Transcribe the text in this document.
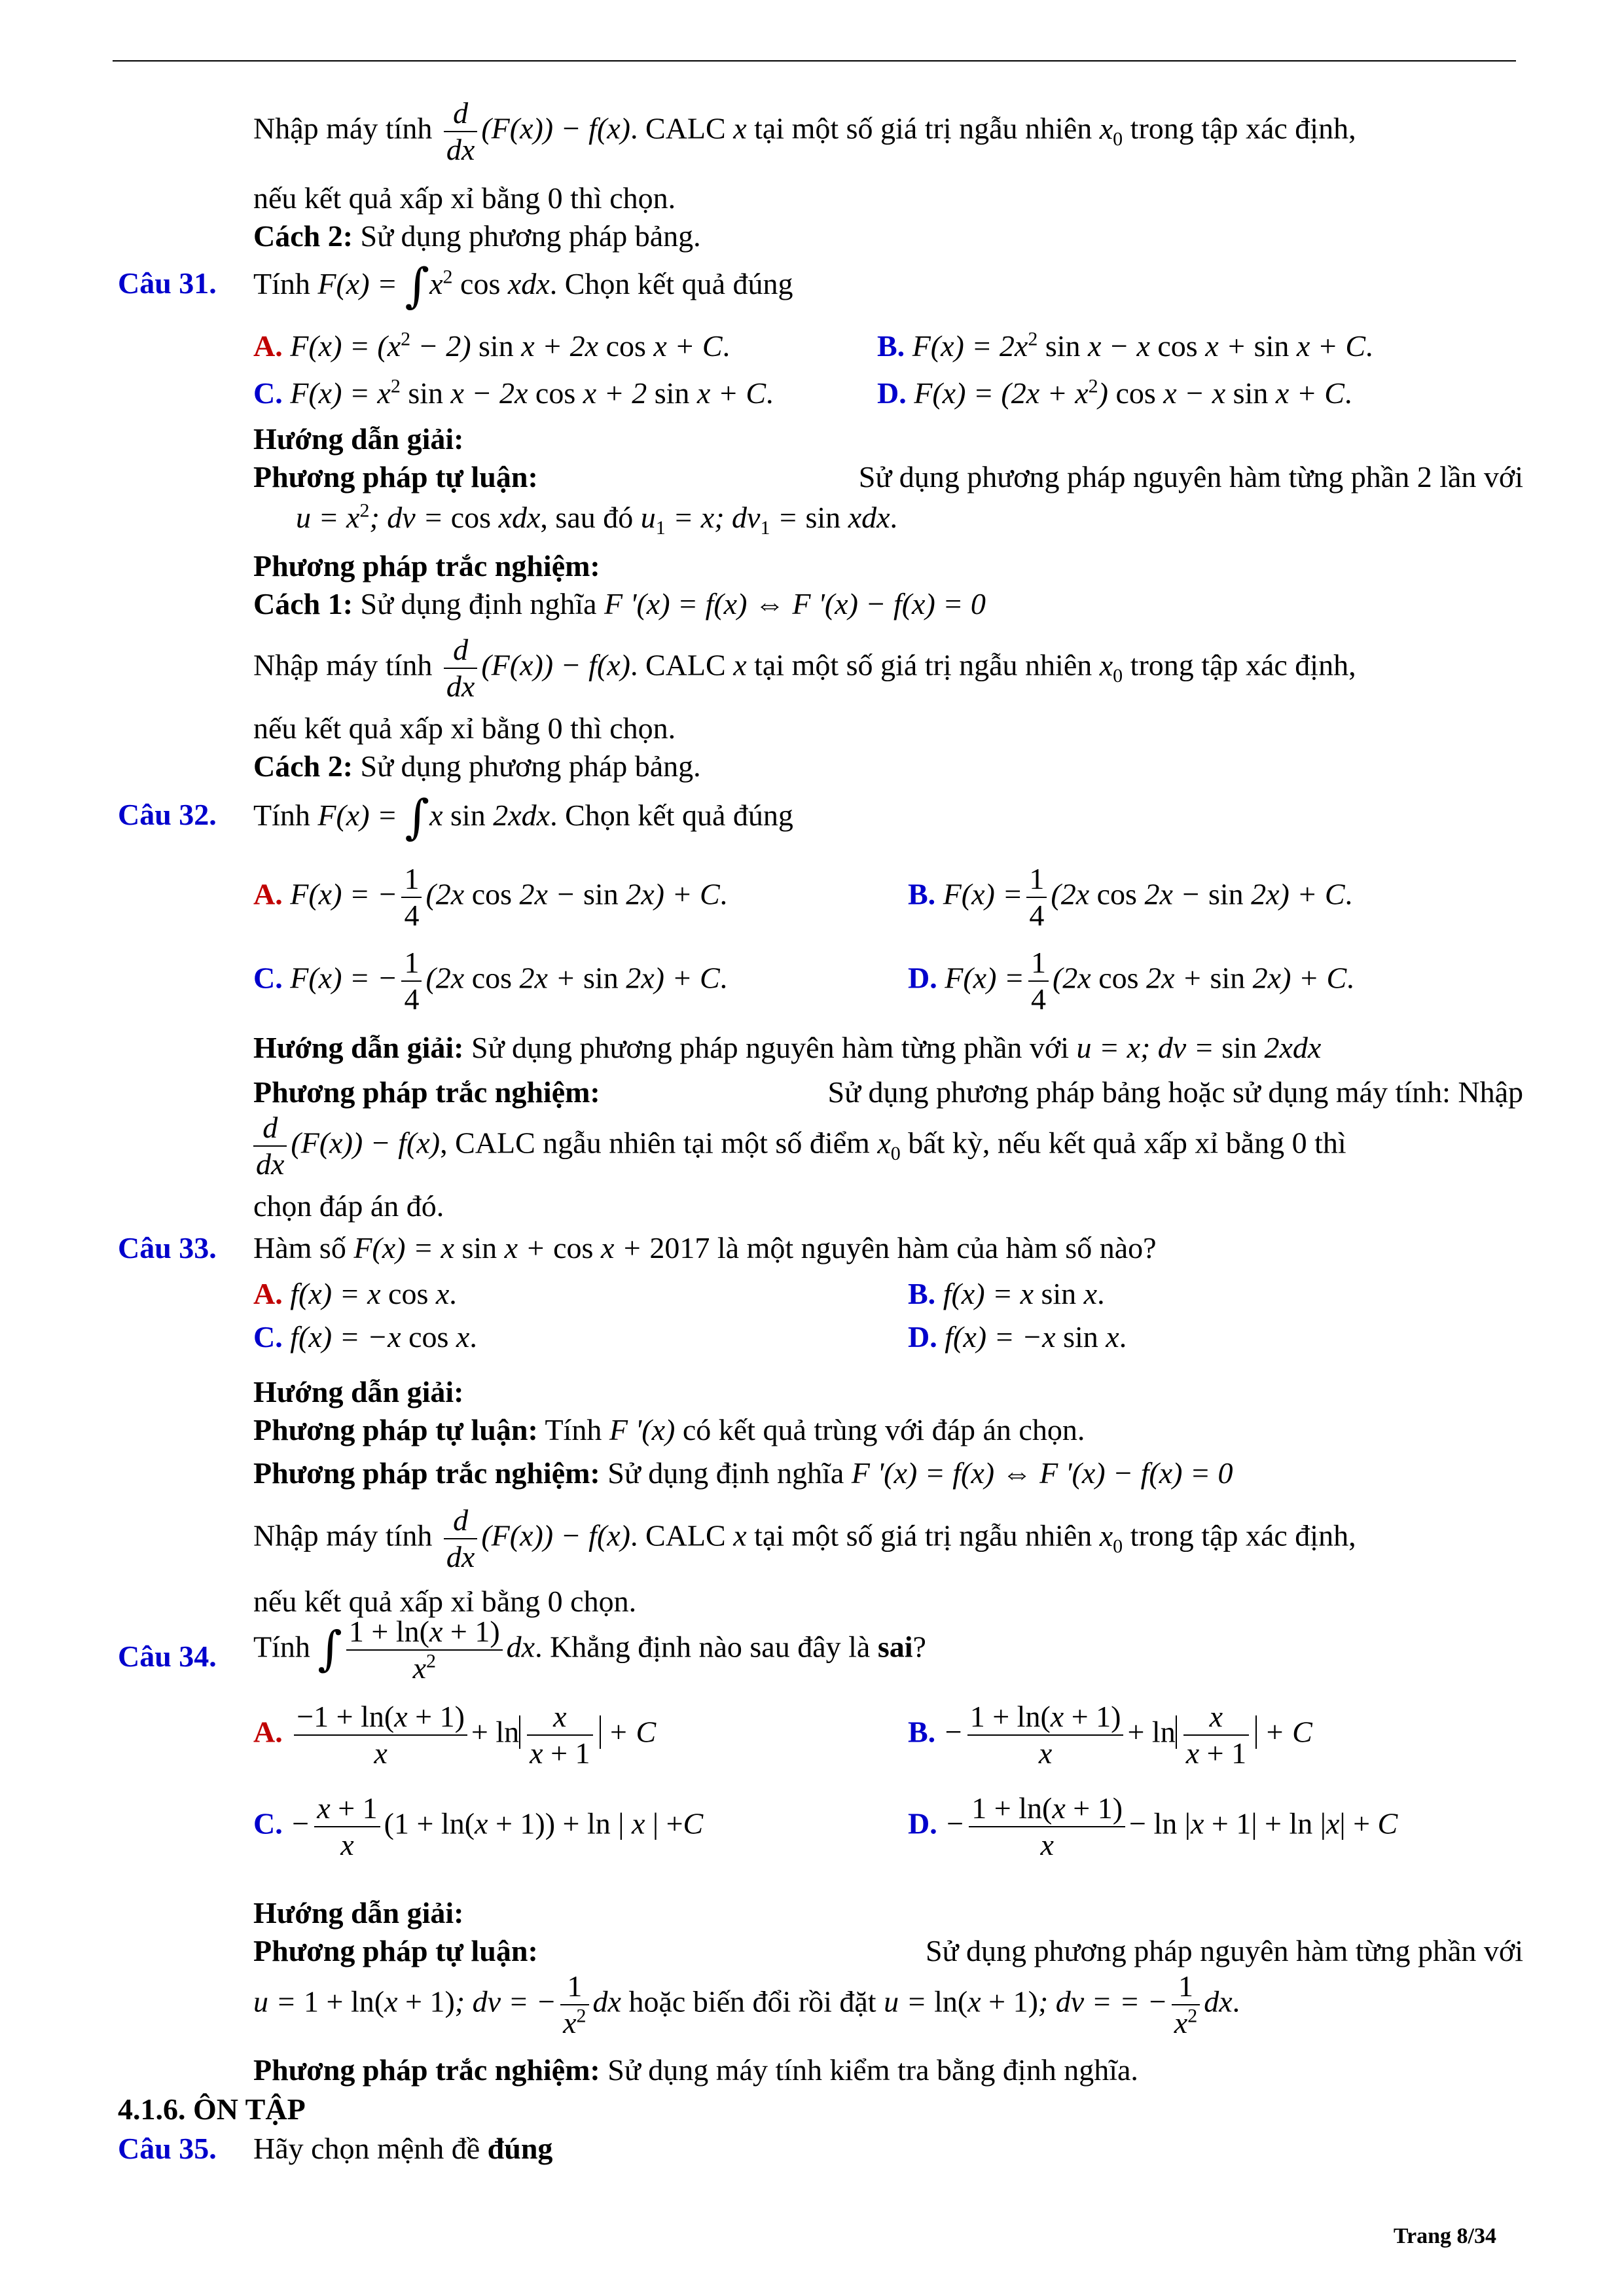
Nhập máy tính $\frac{d}{dx} (F(x)) - f(x)$. CALC x tại một số giá trị ngẫu nhiên $x_0$ trong tập xác định,
nếu kết quả xấp xỉ bằng 0 thì chọn.
Cách 2: Sử dụng phương pháp bảng.
Câu 31. Tính $F(x) = \int x^2$ cos xdx. Chọn kết quả đúng
A. $F(x) = (x^2 - 2)$ sin x + 2x cos x + C.	B. $F(x) = 2x^2$ sin x − x cos x + sin x + C.
C. $F(x) = x^2$ sin x − 2x cos x + 2 sin x + C.	D. $F(x) = (2x + x^2)$ cos x − x sin x + C.
Hướng dẫn giải:
Phương pháp tự luận:	Sử dụng phương pháp nguyên hàm từng phần 2 lần với
$u = x^2$; dv = cos xdx, sau đó $u_1 = x$; $dv_1 = \sin$ xdx.
Phương pháp trắc nghiệm:
Cách 1: Sử dụng định nghĩa F '(x) = f(x) ⇔ F '(x) − f(x) = 0
Nhập máy tính $\frac{d}{dx} (F(x)) - f(x)$. CALC x tại một số giá trị ngẫu nhiên $x_0$ trong tập xác định,
nếu kết quả xấp xỉ bằng 0 thì chọn.
Cách 2: Sử dụng phương pháp bảng.
Câu 32. Tính F(x) = ∫x sin 2xdx. Chọn kết quả đúng
A. F(x) = − $\frac{1}{4} (2x$ cos 2x − sin 2x) + C.	B. $F(x) = \frac{1}{4} (2x$ cos 2x − sin 2x) + C.
C. F(x) = − $\frac{1}{4} (2x$ cos 2x + sin 2x) + C.	D. $F(x) = \frac{1}{4} (2x$ cos 2x + sin 2x) + C.
Hướng dẫn giải: Sử dụng phương pháp nguyên hàm từng phần với u = x; dv = sin 2xdx
Phương pháp trắc nghiệm:	Sử dụng phương pháp bảng hoặc sử dụng máy tính: Nhập
$\frac{d}{dx} (F(x)) - f(x)$, CALC ngẫu nhiên tại một số điểm $x_0$ bất kỳ, nếu kết quả xấp xỉ bằng 0 thì
chọn đáp án đó.
Câu 33. Hàm số F(x) = x sin x + cos x + 2017 là một nguyên hàm của hàm số nào?
A. f(x) = x cos x.	B. f(x) = x sin x.
C. f(x) = −x cos x.	D. f(x) = −x sin x.
Hướng dẫn giải:
Phương pháp tự luận: Tính F '(x) có kết quả trùng với đáp án chọn.
Phương pháp trắc nghiệm: Sử dụng định nghĩa F '(x) = f(x) ⇔ F '(x) − f(x) = 0
Nhập máy tính $\frac{d}{dx} (F(x)) - f(x)$. CALC x tại một số giá trị ngẫu nhiên $x_0$ trong tập xác định,
nếu kết quả xấp xỉ bằng 0 chọn.
Câu 34. Tính ∫ $\frac{1 + \ln(x + 1)}{x^2}$ dx. Khẳng định nào sau đây là sai?
A. $\frac{-1 + \ln(x + 1)}{x} + \ln \frac{x}{x + 1} + C$	B. − $\frac{1 + \ln(x + 1)}{x} + \ln \frac{x}{x + 1} + C$
C. − $\frac{x + 1}{x} (1 + \ln(x + 1)) + \ln$ | x | +C	D. − $\frac{1 + \ln(x + 1)}{x} - \ln |x + 1| + \ln |x| + C$
Hướng dẫn giải:
Phương pháp tự luận:	Sử dụng phương pháp nguyên hàm từng phần với
u = 1 + ln(x + 1); dv = − $\frac{1}{x^2}$ dx hoặc biến đổi rồi đặt u = ln(x + 1); dv = = − $\frac{1}{x^2}$ dx.
Phương pháp trắc nghiệm: Sử dụng máy tính kiểm tra bằng định nghĩa.
4.1.6. ÔN TẬP
Câu 35. Hãy chọn mệnh đề đúng
Trang 8/34
